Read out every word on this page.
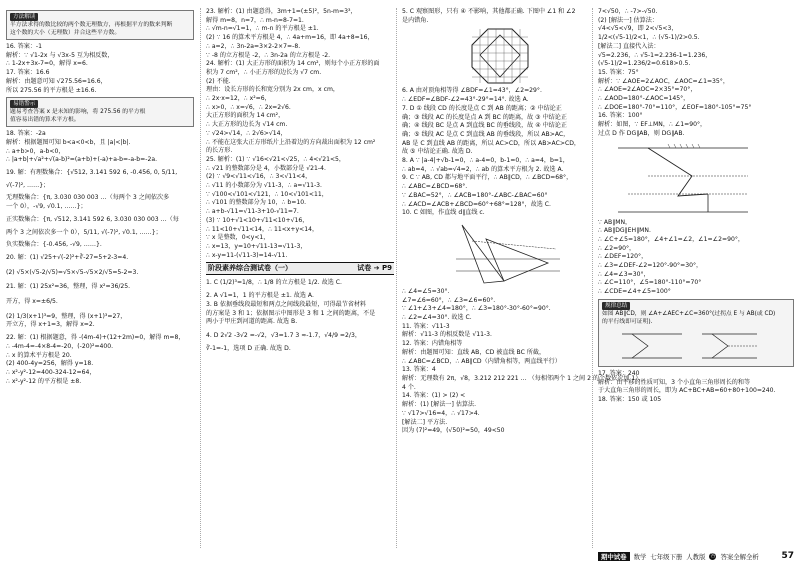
方法解读
半方法求得的数比较的两个数无理数方，再根据平方的数来判断
这个数的大小（无理数）并合这些平方数。
16. 答案：-1
解析：∵ √1-2x 与 √3x-5 互为相反数，
∴ 1-2x+3x-7=0，解得 x=6.
17. 答案：16.6
解析：由题意可知 √275.56=16.6，
所以 275.56 的平方根是 ±16.6.
易错警示
题易考查答案 x 是未知的影响，将 275.56 的平方根
值容易出错的算术平方根。
18. 答案：-2a
解析：根据题图可知 b<a<0<b，且 |a|<|b|.
∴ a+b>0，a-b<0，
∴ |a+b|+√a²+√(a-b)²=(a+b)+(-a)+a-b=-a-b=-2a.
19. 解：有理数集合：{√512, 3.141 592 6, -0.456, 0, 5/11,
√(-7)², ……}；
无理数集合：{π, 3.030 030 003 …（每两个 3 之间依次多
一个 0），-√9, √0.1, ……}；
正实数集合：{π, √512, 3.141 592 6, 3.030 030 003 …（每
两个 3 之间依次多一个 0），5/11, √(-7)², √0.1, ……}；
负实数集合：{-0.456, -√9, ……}.
20. 解：(1) √25+√(-2)²+∛-27=5+2-3=4.
(2) √5×(√5-2/√5)=√5×√5-√5×2/√5=5-2=3.
21. 解：(1) 25x²=36，整理，得 x²=36/25.
开方，得 x=±6/5.
(2) 1/3(x+1)³=9，整理，得 (x+1)³=27，
开立方，得 x+1=3，解得 x=2.
22. 解：(1) 根据题意，得 -(4m-4)+(12+2m)=0，解得 m=8，
∴ -4m-4=-4×8-4=-20，(-20)²=400.
∴ x 的算术平方根是 20.
(2) 400-4y=256，解得 y=18.
∴ x²-y²-12=400-324-12=64，
∴ x²-y²-12 的平方根是 ±8.
23. 解析：(1) 由题意得，3m+1=(±5)²，5n-m=3³，
解得 m=8，n=7，∴ m-n=8-7=1.
∴ √m-n=√1=1，∴ m-n 的平方根是 ±1.
(2) ∵ 16 的算术平方根是 4，∴ 4a+m=16，即 4a+8=16，
∴ a=2，∴ 3n-2a=3×2-2×7=-8.
∵ -8 的立方根是 -2，∴ 3n-2a 的立方根是 -2.
24. 解析：(1) 大正方形的面积为 14 cm²，则每个小正方形的面
积为 7 cm²，∴ 小正方形的边长为 √7 cm.
(2) 不能.
理由：设长方形的长和宽分别为 2x cm，x cm，
∴ 2x·x=12，∴ x²=6，
∴ x>0，∴ x=√6，∴ 2x=2√6.
大正方形的面积为 14 cm²，
∴ 大正方形的边长为 √14 cm.
∵ √24>√14，∴ 2√6>√14，
∴ 不能在这张大正方形纸片上沿着边的方向裁出面积为 12 cm²
的长方形.
25. 解析：(1) ∵ √16<√21<√25，∴ 4<√21<5，
∴ √21 的整数部分是 4，小数部分是 √21-4.
(2) ∵ √9<√11<√16，∴ 3<√11<4，
∴ √11 的小数部分为 √11-3，∴ a=√11-3.
∵ √100<√101<√121，∴ 10<√101<11，
∴ √101 的整数部分为 10，∴ b=10.
∴ a+b-√11=√11-3+10-√11=7.
(3) ∵ 10+√1<10+√11<10+√16，
∴ 11<10+√11<14，∴ 11<x+y<14，
∵ x 是整数，0<y<1，
∴ x=13，y=10+√11-13=√11-3，
∴ x-y=11-(√11-3)=14-√11.
阶段素养综合测试卷（一）	试卷 ➔ P9
1. C (1/2)³=1/8，∴ 1/8 的立方根是 1/2. 故选 C.
2. A √1=1，1 的平方根是 ±1. 故选 A.
3. B 依据垂线段最短和两点之间线段最短，可得最节省材料
的方案是 3 和 1；依据图示中图形是 3 和 1 之间的距离，不是
两小于甲庄到河道的距离. 故选 B.
4. D 2√2 -3√2 =-√2，√3=1.7 3 ≈-1.7，√4/9 =2/3，
∛-1=-1，选项 D 正确. 故选 D.
5. C 观察图形，只有 ④ 不影响，其他都正确. 下图中 ∠1 和 ∠2
是内错角.
6. A 由对顶角相等得 ∠BDF=∠1=43°，∠2=29°.
∴ ∠EDF=∠BDF-∠2=43°-29°=14°. 故选 A.
7. D ① 线段 CD 的长度是点 C 到 AB 的距离；② 中结论正
确；③ 线段 AC 的长度是点 A 到 BC 的距离，故 ③ 中结论正
确；④ 线段 BC 是点 A 到直线 BC 的垂线段，故 ④ 中结论正
确；⑤ 线段 AC 是点 C 到直线 AB 的垂线段，所以 AB>AC，
AB 是 C 到直线 AB 的距离，所以 AC>CD，所以 AB>AC>CD，
故 ⑤ 中结论正确. 故选 D.
8. A ∵ |a-4|+√b-1=0，∴ a-4=0，b-1=0，∴ a=4，b=1，
∴ ab=4，∴ √ab=√4=2，∴ ab 的算术平方根为 2. 故选 A.
9. C ∵ AB, CD 都与地平面平行，∴ AB∥CD，∴ ∠BCD=68°，
∴ ∠ABC=∠BCD=68°.
∵ ∠BAC=52°，∴ ∠ACB=180°-∠ABC-∠BAC=60°
∴ ∠ACD=∠ACB+∠BCD=60°+68°=128°，故选 C.
10. C 如图，作直线 d∥直线 c.
∴ ∠4=∠5=30°.
∠7=∠6=60°，∴ ∠3=∠6=60°.
∵ ∠1+∠3+∠4=180°，∴ ∠3=180°-30°-60°=90°.
∴ ∠2=∠4=30°. 故选 C.
11. 答案：√11-3
解析：√11-3 的相反数是 √11-3.
12. 答案：内错角相等
解析：由题图可知：直线 AB，CD 被直线 BC 所截，
∴ ∠ABC=∠BCD，∴ AB∥CD（内错角相等，两直线平行）
13. 答案：4
解析：无理数有 2π，√8，3.212 212 221 … （每相邻两个 1 之间 2 的个数依次加 1），
4 个.
14. 答案：(1) > (2) <
解析：(1) [解法一] 估算法.
∵ √17>√16=4，∴ √17>4.
[解法二] 平方法.
因为 (7)²=49，(√50)²=50，49<50
7<√50，∴ -7>-√50.
(2) [解法一] 估算法：
√4<√5<√9，即 2<√5<3，
1/2<(√5-1)/2<1，∴ (√5-1)/2>0.5.
[解法二] 直接代入法：
√5=2.236，∴ √5-1=2.236-1=1.236，
(√5-1)/2=1.236/2=0.618>0.5.
15. 答案：75°
解析：∵ ∠AOE=2∠AOC，∠AOC=∠1=35°，
∴ ∠AOE=2∠AOC=2×35°=70°，
∴ ∠AOD=180°-∠AOC=145°，
∴ ∠DOE=180°-70°=110°，∠EOF=180°-105°=75°
16. 答案：100°
解析：如图，∵ EF⊥MN，∴ ∠1=90°，
过点 D 作 DG∥AB，则 DG∥AB.
∵ AB∥MN，
∴ AB∥DG∥EH∥MN.
∴ ∠C+∠5=180°，∠4+∠1=∠2，∠1=∠2=90°，
∴ ∠2=90°，
∴ ∠DEF=120°，
∴ ∠3=∠DEF-∠2=120°-90°=30°，
∴ ∠4=∠3=30°，
∴ ∠C=110°，∠5=180°-110°=70°
∴ ∠CDE=∠4+∠5=100°
规律总结
如图 AB∥CD，则 ∠A+∠AEC+∠C=360°(过拐点 E 与 AB(或 CD)
的平行线即可证明).
17. 答案：240
解析：由平移的性质可知，3 个小直角三角形周长的和等
于大直角三角形的周长，即为 AC+BC+AB=60+80+100=240.
18. 答案：150 或 105
期中试卷	数学 七年级下册 人教版 答 答案全解全析	57
